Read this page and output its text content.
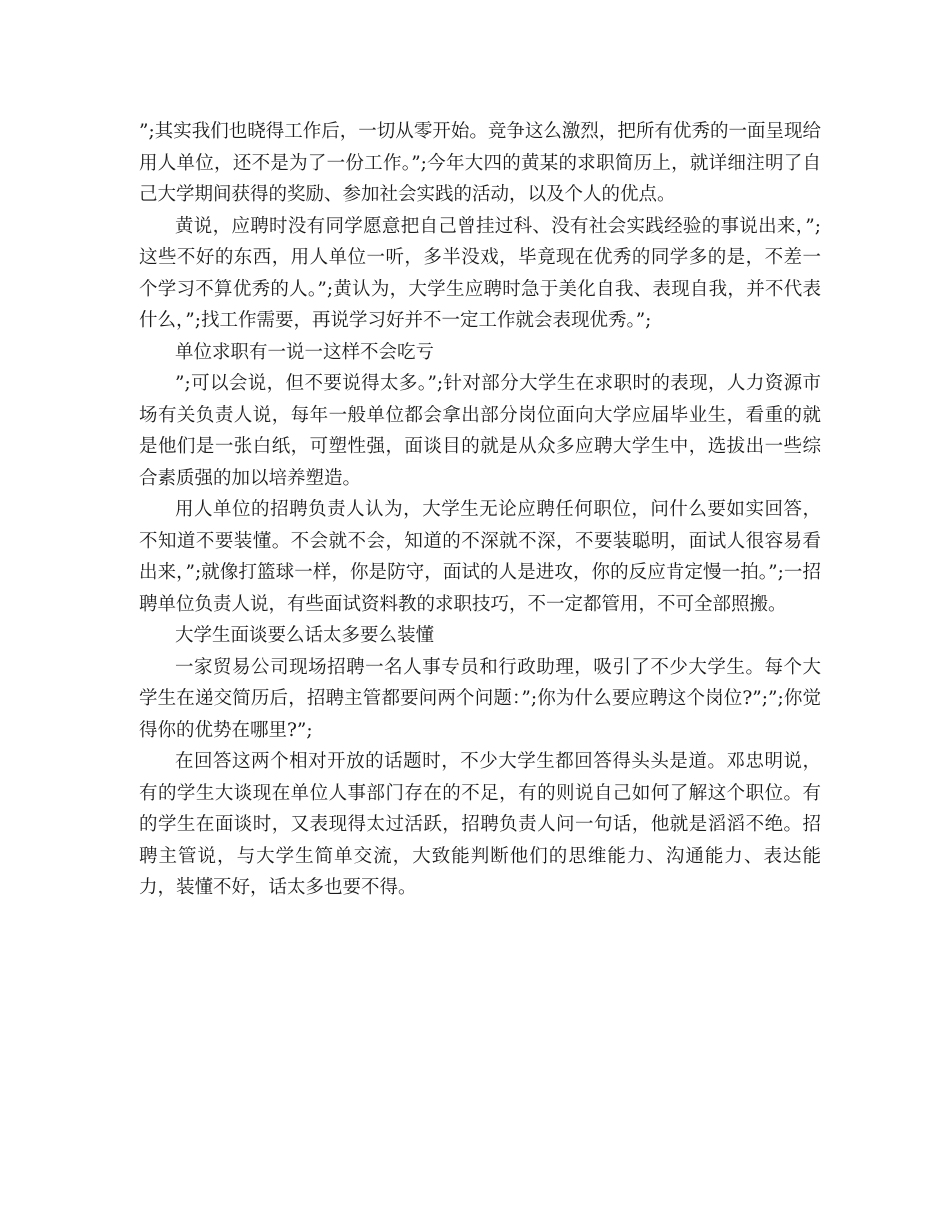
”;其实我们也晓得工作后，一切从零开始。竞争这么激烈，把所有优秀的一面呈现给用人单位，还不是为了一份工作。”;今年大四的黄某的求职简历上，就详细注明了自己大学期间获得的奖励、参加社会实践的活动，以及个人的优点。

黄说，应聘时没有同学愿意把自己曾挂过科、没有社会实践经验的事说出来，”;这些不好的东西，用人单位一听，多半没戏，毕竟现在优秀的同学多的是，不差一个学习不算优秀的人。”;黄认为，大学生应聘时急于美化自我、表现自我，并不代表什么，”;找工作需要，再说学习好并不一定工作就会表现优秀。”;

单位求职有一说一这样不会吃亏

”;可以会说，但不要说得太多。”;针对部分大学生在求职时的表现，人力资源市场有关负责人说，每年一般单位都会拿出部分岗位面向大学应届毕业生，看重的就是他们是一张白纸，可塑性强，面谈目的就是从众多应聘大学生中，选拔出一些综合素质强的加以培养塑造。

用人单位的招聘负责人认为，大学生无论应聘任何职位，问什么要如实回答，不知道不要装懂。不会就不会，知道的不深就不深，不要装聪明，面试人很容易看出来，”;就像打篮球一样，你是防守，面试的人是进攻，你的反应肯定慢一拍。”;一招聘单位负责人说，有些面试资料教的求职技巧，不一定都管用，不可全部照搬。

大学生面谈要么话太多要么装懂

一家贸易公司现场招聘一名人事专员和行政助理，吸引了不少大学生。每个大学生在递交简历后，招聘主管都要问两个问题：”;你为什么要应聘这个岗位?”;”;你觉得你的优势在哪里?”;

在回答这两个相对开放的话题时，不少大学生都回答得头头是道。邓忠明说，有的学生大谈现在单位人事部门存在的不足，有的则说自己如何了解这个职位。有的学生在面谈时，又表现得太过活跃，招聘负责人问一句话，他就是滔滔不绝。招聘主管说，与大学生简单交流，大致能判断他们的思维能力、沟通能力、表达能力，装懂不好，话太多也要不得。
